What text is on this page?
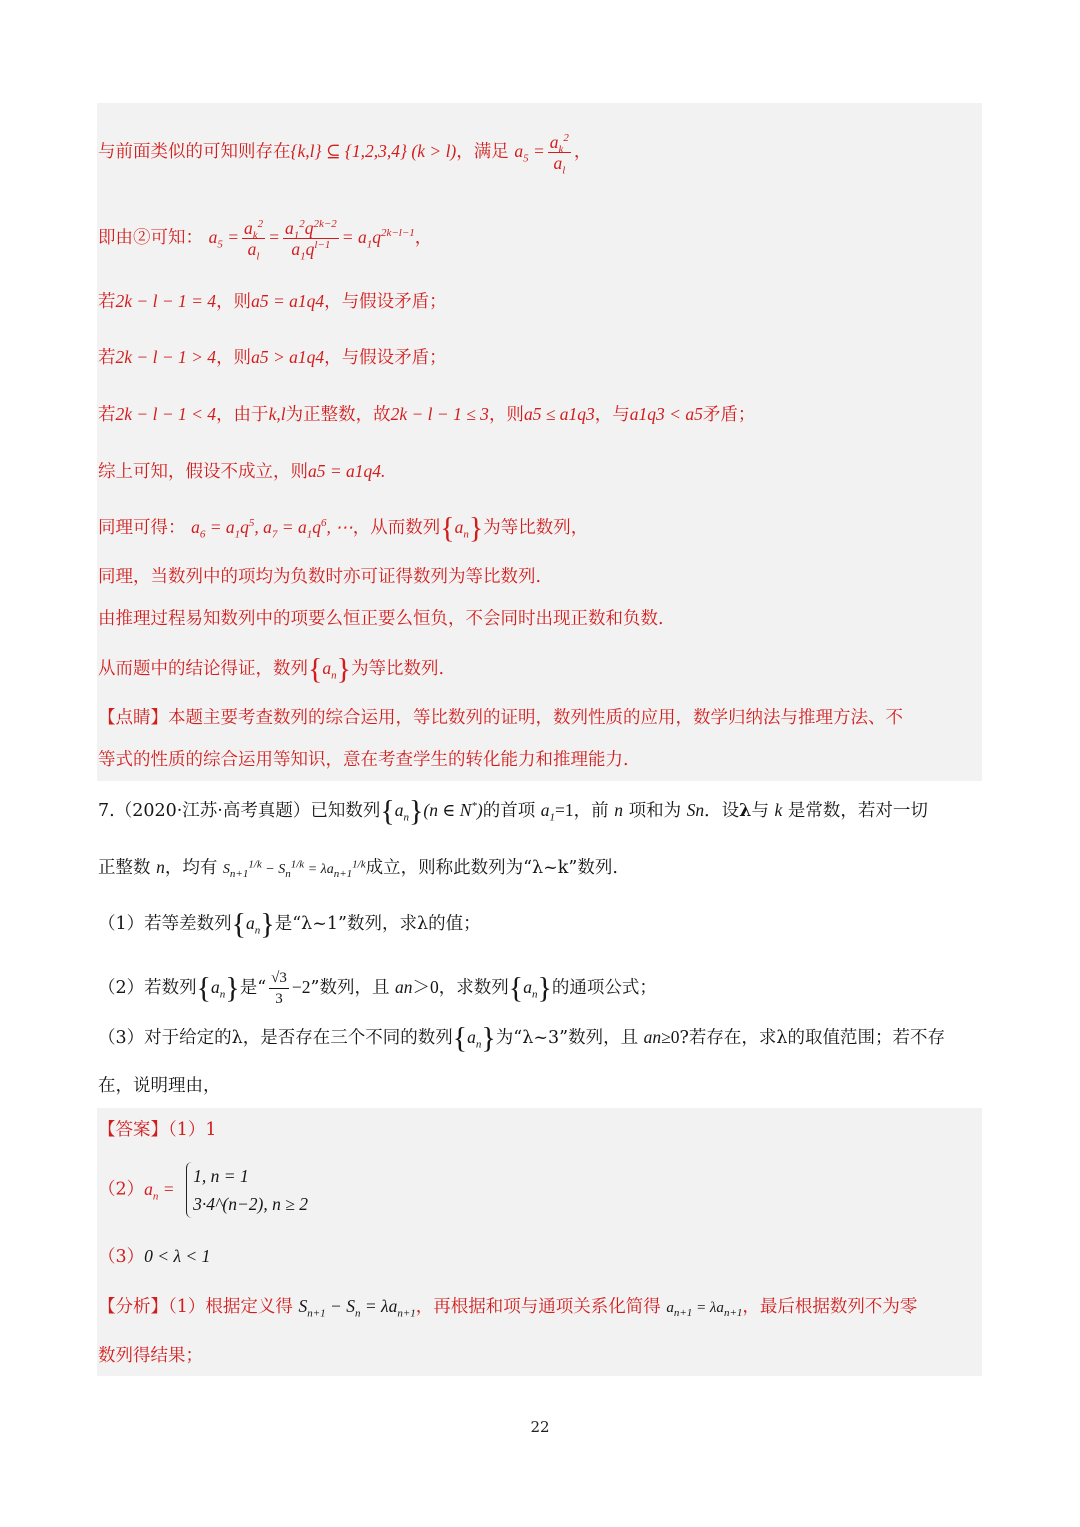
与前面类似的可知则存在{k,l} ⊆ {1,2,3,4} (k > l)，满足 $a_5 = \frac{a_k^2}{a_l}$ ，
即由②可知： $a_5 = \frac{a_k^2}{a_l} = \frac{a_1^2q^{2k-2}}{a_1q^{l-1}} = a_1q^{2k-l-1}$，
若2k − l − 1 = 4，则a5 = a1q4，与假设矛盾；
若2k − l − 1 > 4，则a5 > a1q4，与假设矛盾；
若2k − l − 1 < 4，由于k,l为正整数，故2k − l − 1 ≤ 3，则a5 ≤ a1q3，与a1q3 < a5矛盾；
综上可知，假设不成立，则a5 = a1q4.
同理可得： $a_6 = a_1q^5$, $a_7 = a_1q^6$, ⋯，从而数列$\{a_n\}$为等比数列，
同理，当数列中的项均为负数时亦可证得数列为等比数列.
由推理过程易知数列中的项要么恒正要么恒负，不会同时出现正数和负数.
从而题中的结论得证，数列$\{a_n\}$为等比数列.
【点睛】本题主要考查数列的综合运用，等比数列的证明，数列性质的应用，数学归纳法与推理方法、不
等式的性质的综合运用等知识，意在考查学生的转化能力和推理能力.
7.（2020·江苏·高考真题）已知数列$\{a_n\}(n$ ∈ N*)的首项 $a_1=1$，前 n 项和为 Sn．设λ与 k 是常数，若对一切
正整数 n，均有 $S_{n+1}^{1/k} - S_n^{1/k} = \lambda a_{n+1}^{1/k}$成立，则称此数列为“λ~k”数列.
（1）若等差数列$\{a_n\}$是“λ~1”数列，求λ的值；
（2）若数列$\{a_n\}$是“ $\frac{√3}{3} -2$”数列，且 an＞0，求数列$\{a_n\}$的通项公式；
（3）对于给定的λ，是否存在三个不同的数列$\{a_n\}$为“λ~3”数列，且 an≥0?若存在，求λ的取值范围；若不存
在，说明理由，
【答案】（1）1
$(2)a_n$ =
1, n = 1
3·4^(n−2), n ≥ 2
（3）0 < λ < 1
【分析】（1）根据定义得 $S_{n+1} - S_n = \lambda a_{n+1}$，再根据和项与通项关系化简得 $a_{n+1} = \lambda a_{n+1}$，最后根据数列不为零
数列得结果；
22
